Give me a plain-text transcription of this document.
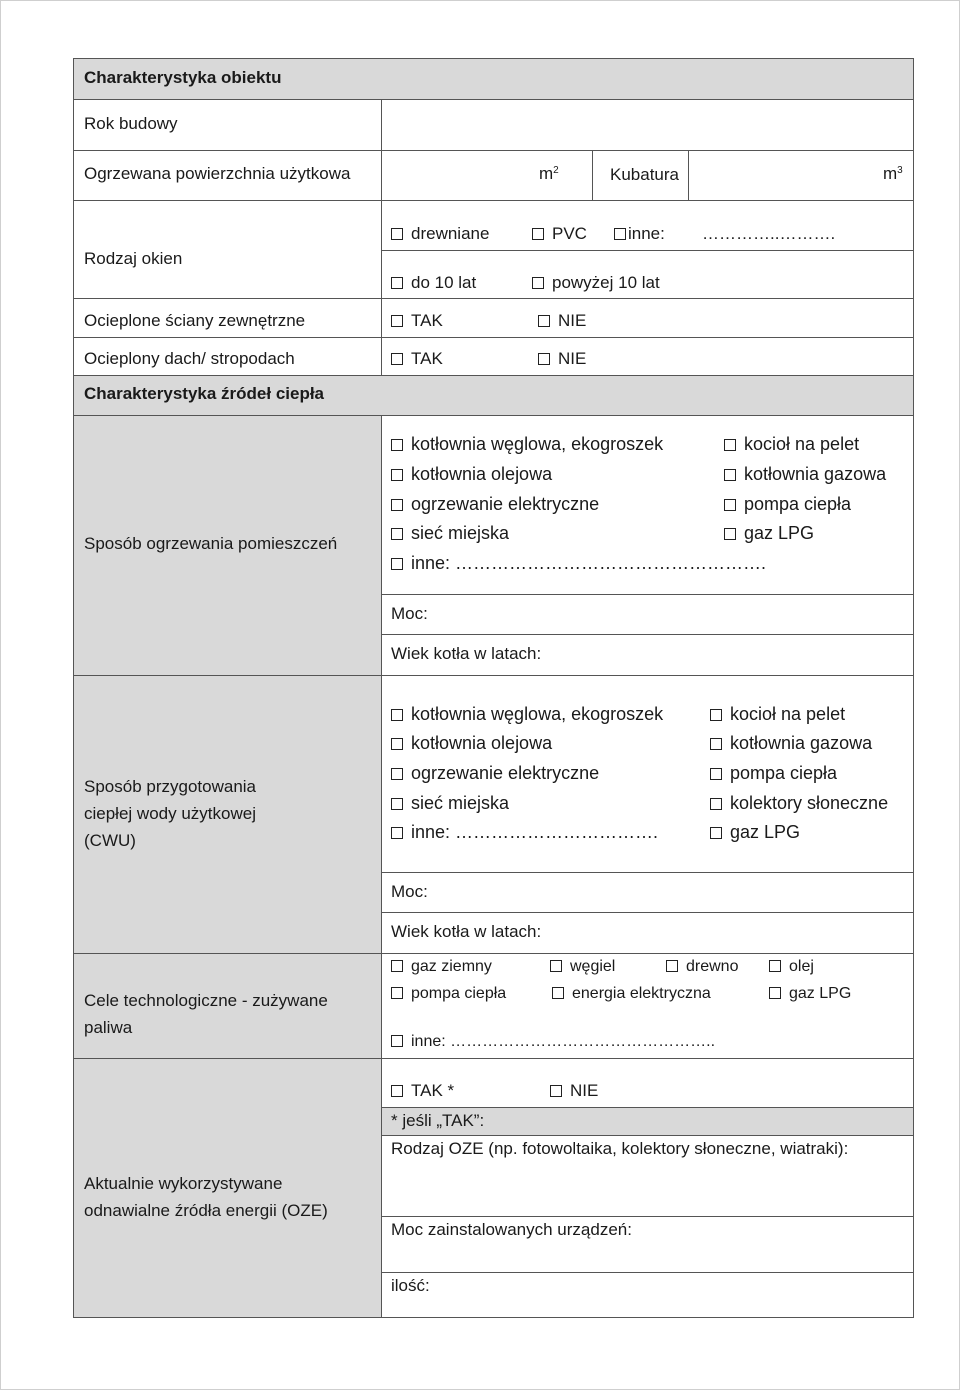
Charakterystyka obiektu
Rok budowy
Ogrzewana powierzchnia użytkowa	$m^2$	Kubatura	$m^3$
Rodzaj okien
drewniane	PVC	inne: …………..……….
do 10 lat	powyżej 10 lat
Ocieplone ściany zewnętrzne	TAK	NIE
Ocieplony dach/ stropodach	TAK	NIE
Charakterystyka źródeł ciepła
Sposób ogrzewania pomieszczeń
kotłownia węglowa, ekogroszek	kocioł na pelet
kotłownia olejowa	kotłownia gazowa
ogrzewanie elektryczne	pompa ciepła
sieć miejska	gaz LPG
inne: …………………………………………….
Moc:
Wiek kotła w latach:
Sposób przygotowania
ciepłej wody użytkowej
(CWU)
kotłownia węglowa, ekogroszek	kocioł na pelet
kotłownia olejowa	kotłownia gazowa
ogrzewanie elektryczne	pompa ciepła
sieć miejska	kolektory słoneczne
inne: …………………………….	gaz LPG
Moc:
Wiek kotła w latach:
Cele technologiczne - zużywane
paliwa
gaz ziemny	węgiel	drewno	olej
pompa ciepła	energia elektryczna	gaz LPG
inne: …………………………………………..
Aktualnie wykorzystywane
odnawialne źródła energii (OZE)
TAK *	NIE
* jeśli „TAK”:
Rodzaj OZE (np. fotowoltaika, kolektory słoneczne, wiatraki):
Moc zainstalowanych urządzeń:
ilość:
